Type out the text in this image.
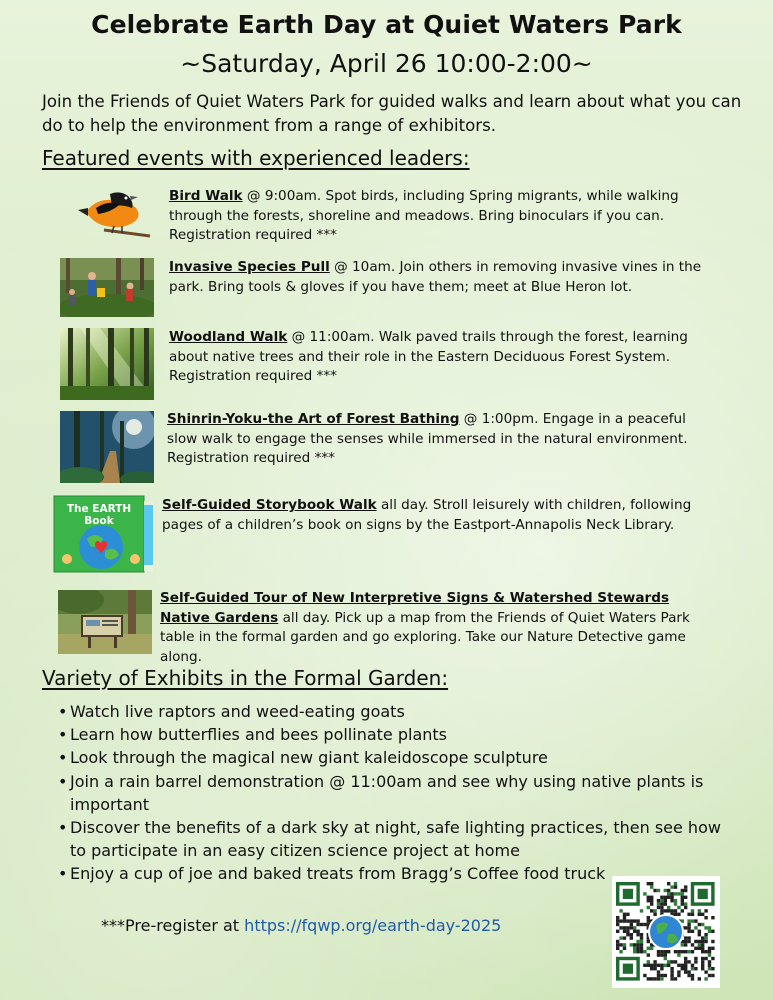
Celebrate Earth Day at Quiet Waters Park
~Saturday, April 26 10:00-2:00~
Join the Friends of Quiet Waters Park for guided walks and learn about what you can do to help the environment from a range of exhibitors.
Featured events with experienced leaders:
Bird Walk @ 9:00am. Spot birds, including Spring migrants, while walking through the forests, shoreline and meadows. Bring binoculars if you can. Registration required ***
Invasive Species Pull @ 10am. Join others in removing invasive vines in the park. Bring tools & gloves if you have them; meet at Blue Heron lot.
Woodland Walk @ 11:00am. Walk paved trails through the forest, learning about native trees and their role in the Eastern Deciduous Forest System. Registration required ***
Shinrin-Yoku-the Art of Forest Bathing @ 1:00pm. Engage in a peaceful slow walk to engage the senses while immersed in the natural environment. Registration required ***
The EARTH Book
Self-Guided Storybook Walk all day. Stroll leisurely with children, following pages of a children’s book on signs by the Eastport-Annapolis Neck Library.
Self-Guided Tour of New Interpretive Signs & Watershed Stewards Native Gardens all day. Pick up a map from the Friends of Quiet Waters Park table in the formal garden and go exploring. Take our Nature Detective game along.
Variety of Exhibits in the Formal Garden:
• Watch live raptors and weed-eating goats
• Learn how butterflies and bees pollinate plants
• Look through the magical new giant kaleidoscope sculpture
• Join a rain barrel demonstration @ 11:00am and see why using native plants is important
• Discover the benefits of a dark sky at night, safe lighting practices, then see how to participate in an easy citizen science project at home
• Enjoy a cup of joe and baked treats from Bragg’s Coffee food truck
***Pre-register at https://fqwp.org/earth-day-2025
